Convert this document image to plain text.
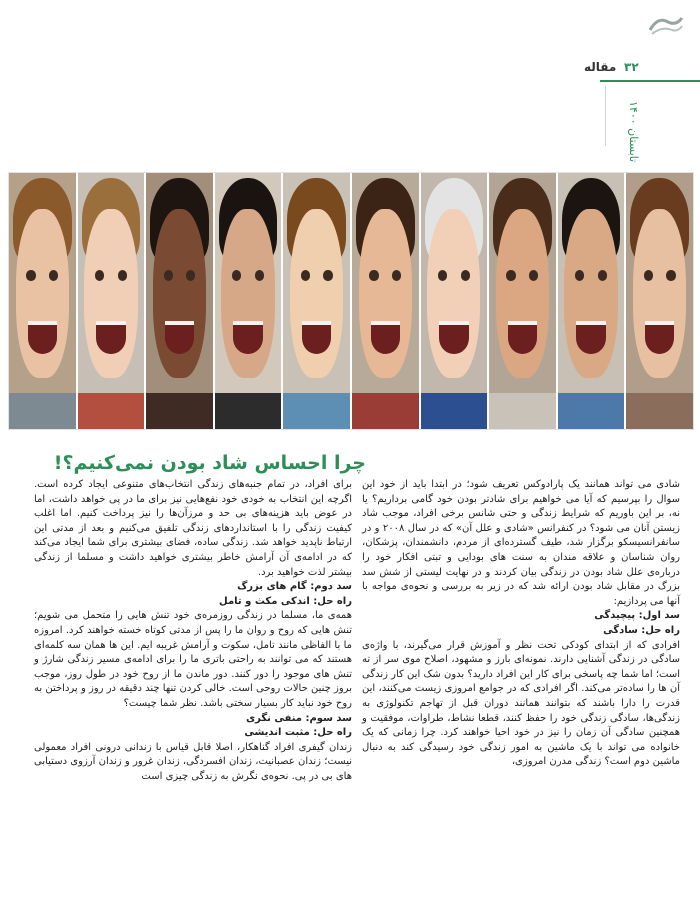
۳۲
مقاله
تابستان ۱۴۰۰
چرا احساس شاد بودن نمی‌کنیم؟!

شادی می تواند همانند یک پارادوکس تعریف شود؛ در ابتدا باید از خود این سوال را بپرسیم که آیا می خواهیم برای شادتر بودن خود گامی برداریم؟ یا نه، بر این باوریم که شرایط زندگی و حتی شانس برخی افراد، موجب شاد زیستن آنان می شود؟ در کنفرانس «شادی و علل آن» که در سال ۲۰۰۸ و در سانفرانسیسکو برگزار شد، طیف گسترده‌ای از مردم، دانشمندان، پزشکان، روان شناسان و علاقه مندان به سنت های بودایی و تبتی افکار خود را درباره‌ی علل شاد بودن در زندگی بیان کردند و در نهایت لیستی از شش سد بزرگ در مقابل شاد بودن ارائه شد که در زیر به بررسی و نحوه‌ی مواجه با آنها می پردازیم:

سد اول: پیچیدگی

راه حل: سادگی

افرادی که از ابتدای کودکی تحت نظر و آموزش قرار می‌گیرند، با واژه‌ی سادگی در زندگی آشنایی دارند. نمونه‌ای بارز و مشهود، اصلاح موی سر از ته است؛ اما شما چه پاسخی برای کار این افراد دارید؟ بدون شک این کار زندگی آن ها را ساده‌تر می‌کند. اگر افرادی که در جوامع امروزی زیست می‌کنند، این قدرت را دارا باشند که بتوانند همانند دوران قبل از تهاجم تکنولوژی به زندگی‌ها، سادگی زندگی خود را حفظ کنند، قطعا نشاط، طراوات، موفقیت و همچنین سادگی آن زمان را نیز در خود احیا خواهند کرد. چرا زمانی که یک خانواده می تواند با یک ماشین به امور زندگی خود رسیدگی کند به دنبال ماشین دوم است؟ زندگی مدرن امروزی،

برای افراد، در تمام جنبه‌های زندگی انتخاب‌های متنوعی ایجاد کرده است. اگرچه این انتخاب به خودی خود نفع‌هایی نیز برای ما در پی خواهد داشت، اما در عوض باید هزینه‌های بی حد و مرزآن‌ها را نیز پرداخت کنیم. اما اغلب کیفیت زندگی را با استانداردهای زندگی تلفیق می‌کنیم و بعد از مدتی این ارتباط ناپدید خواهد شد. زندگی ساده، فضای بیشتری برای شما ایجاد می‌کند که در ادامه‌ی آن آرامش خاطر بیشتری خواهید داشت و مسلما از زندگی بیشتر لذت خواهید برد.

سد دوم: گام های بزرگ

راه حل: اندکی مکث و تامل

همه‌ی ما، مسلما در زندگی روزمره‌ی خود تنش هایی را متحمل می شویم؛ تنش هایی که روح و روان ما را پس از مدتی کوتاه خسته خواهند کرد. امروزه ما با الفاظی مانند تامل، سکوت و آرامش غریبه ایم. این ها همان سه کلمه‌ای هستند که می توانند به راحتی باتری ما را برای ادامه‌ی مسیر زندگی شارژ و تنش های موجود را دور کنند. دور ماندن ما از روح خود در طول روز، موجب بروز چنین حالات روحی است. خالی کردن تنها چند دقیقه در روز و پرداختن به روح خود نباید کار بسیار سختی باشد. نظر شما چیست؟

سد سوم: منفی نگری

راه حل: مثبت اندیشی

زندان گیفری افراد گناهکار، اصلا قابل قیاس با زندانی درونی افراد معمولی نیست؛ زندان عصبانیت، زندان افسردگی، زندان غرور و زندان آرزوی دستیابی های بی در پی. نحوه‌ی نگرش به زندگی چیزی است
